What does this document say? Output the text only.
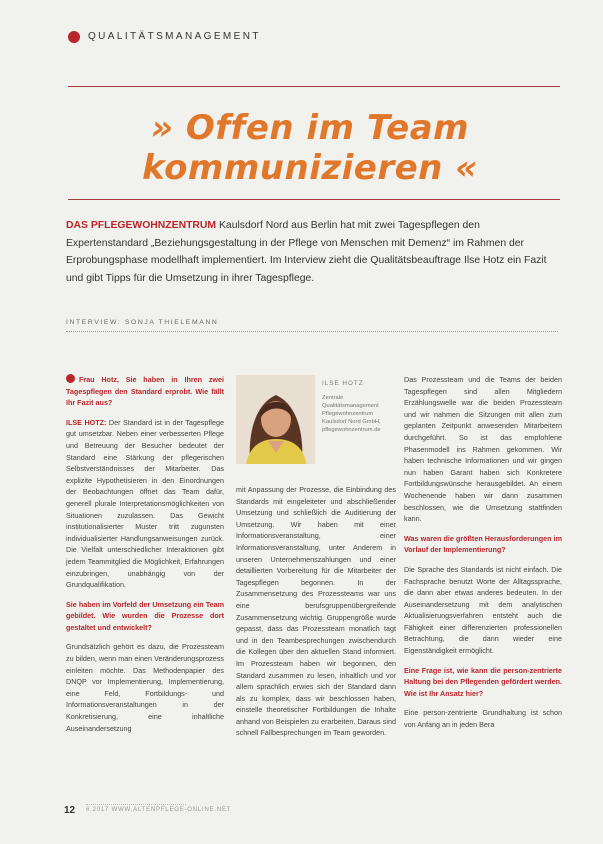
QUALITÄTSMANAGEMENT
» Offen im Team
kommunizieren «
DAS PFLEGEWOHNZENTRUM Kaulsdorf Nord aus Berlin hat mit zwei Tagespflegen den Expertenstandard „Beziehungsgestaltung in der Pflege von Menschen mit Demenz“ im Rahmen der Erprobungsphase modellhaft implementiert. Im Interview zieht die Qualitätsbeauftrage Ilse Hotz ein Fazit und gibt Tipps für die Umsetzung in ihrer Tagespflege.
INTERVIEW: SONJA THIELEMANN

Frau Hotz, Sie haben in Ihren zwei Tagespflegen den Standard erprobt. Wie fällt Ihr Fazit aus?

ILSE HOTZ: Der Standard ist in der Tagespflege gut umsetzbar. Neben einer verbesserten Pflege und Betreuung der Besucher bedeutet der Standard eine Stärkung der pflegerischen Selbstverständnisses der Mitarbeiter. Das explizite Hypothetisieren in den Einordnungen der Beobachtungen öffnet das Team dafür, generell plurale Interpretationsmöglichkeiten von Situationen zuzulassen. Das Gewicht institutionalisierter Muster tritt zugunsten individualisierter Handlungsanweisungen zurück. Die Vielfalt unterschiedlicher Interaktionen gibt jedem Teammitglied die Möglichkeit, Erfahrungen einzubringen, unabhängig von der Grundqualifikation.

Sie haben im Vorfeld der Umsetzung ein Team gebildet. Wie wurden die Prozesse dort gestaltet und entwickelt?

Grundsätzlich gehört es dazu, die Prozessteam zu bilden, wenn man einen Veränderungsprozess einleiten möchte. Das Methodenpapier des DNQP vor Implementierung, Implementierung, eine Feld, Fortbildungs- und Informationsveranstaltungen in der Konkretisierung, eine inhaltliche Auseinandersetzung

ILSE HOTZ
Zentrale Qualitätsmanagement Pflegewohnzentrum Kaulsdorf Nord GmbH, pflegewohnzentrum.de

mit Anpassung der Prozesse, die Einbindung des Standards mit eingeleiteter und abschließender Umsetzung und schließlich die Auditierung der Umsetzung. Wir haben mit einer Informationsveranstaltung, einer Informationsveranstaltung, unter Anderem in unseren Unternehmenszahlungen und einer detaillierten Vorbereitung für die Mitarbeiter der Tagespflegen begonnen. In der Zusammensetzung des Prozessteams war uns eine berufsgruppenübergreifende Zusammensetzung wichtig. Gruppengröße wurde gepasst, dass das Prozessteam monatlich tagt und in den Teambesprechungen zwischendurch die Kollegen über den aktuellen Stand informiert. Im Prozessteam haben wir begonnen, den Standard zusammen zu lesen, inhaltlich und vor allem sprachlich erwies sich der Standard dann als zu komplex, dass wir beschlossen haben, einstelle theoretischer Fortbildungen die Inhalte anhand von Beispielen zu erarbeiten. Daraus sind schnell Fallbesprechungen im Team geworden.

Das Prozessteam und die Teams der beiden Tagespflegen sind allen Mitgliedern Erzählungswelle war die beiden Prozessteam und wir nahmen die Sitzungen mit allen zum geplanten Zeitpunkt anwesenden Mitarbeitern durchgeführt. So ist das empfohlene Phasenmodell ins Rahmen gekommen. Wir haben technische Informationen und wir gingen nun haben Garant haben sich Konkretere Fortbildungswünsche herausgebildet. An einem Wochenende haben wir dann zusammen beschlossen, wie die Umsetzung stattfinden kann.

Was waren die größten Herausforderungen im Vorlauf der Implementierung?

Die Sprache des Standards ist nicht einfach. Die Fachsprache benutzt Worte der Alltagssprache, die dann aber etwas anderes bedeuten. In der Auseinandersetzung mit dem analytischen Aktualisierungsverfahren entsteht auch die Fähigkeit einer differenzierten professionellen Betrachtung, die dann wieder eine Eigenständigkeit ermöglicht.

Eine Frage ist, wie kann die person-zentrierte Haltung bei den Pflegenden gefördert werden. Wie ist Ihr Ansatz hier?

Eine person-zentrierte Grundhaltung ist schon von Anfang an in jeden Bera

12 6.2017 WWW.ALTENPFLEGE-ONLINE.NET
